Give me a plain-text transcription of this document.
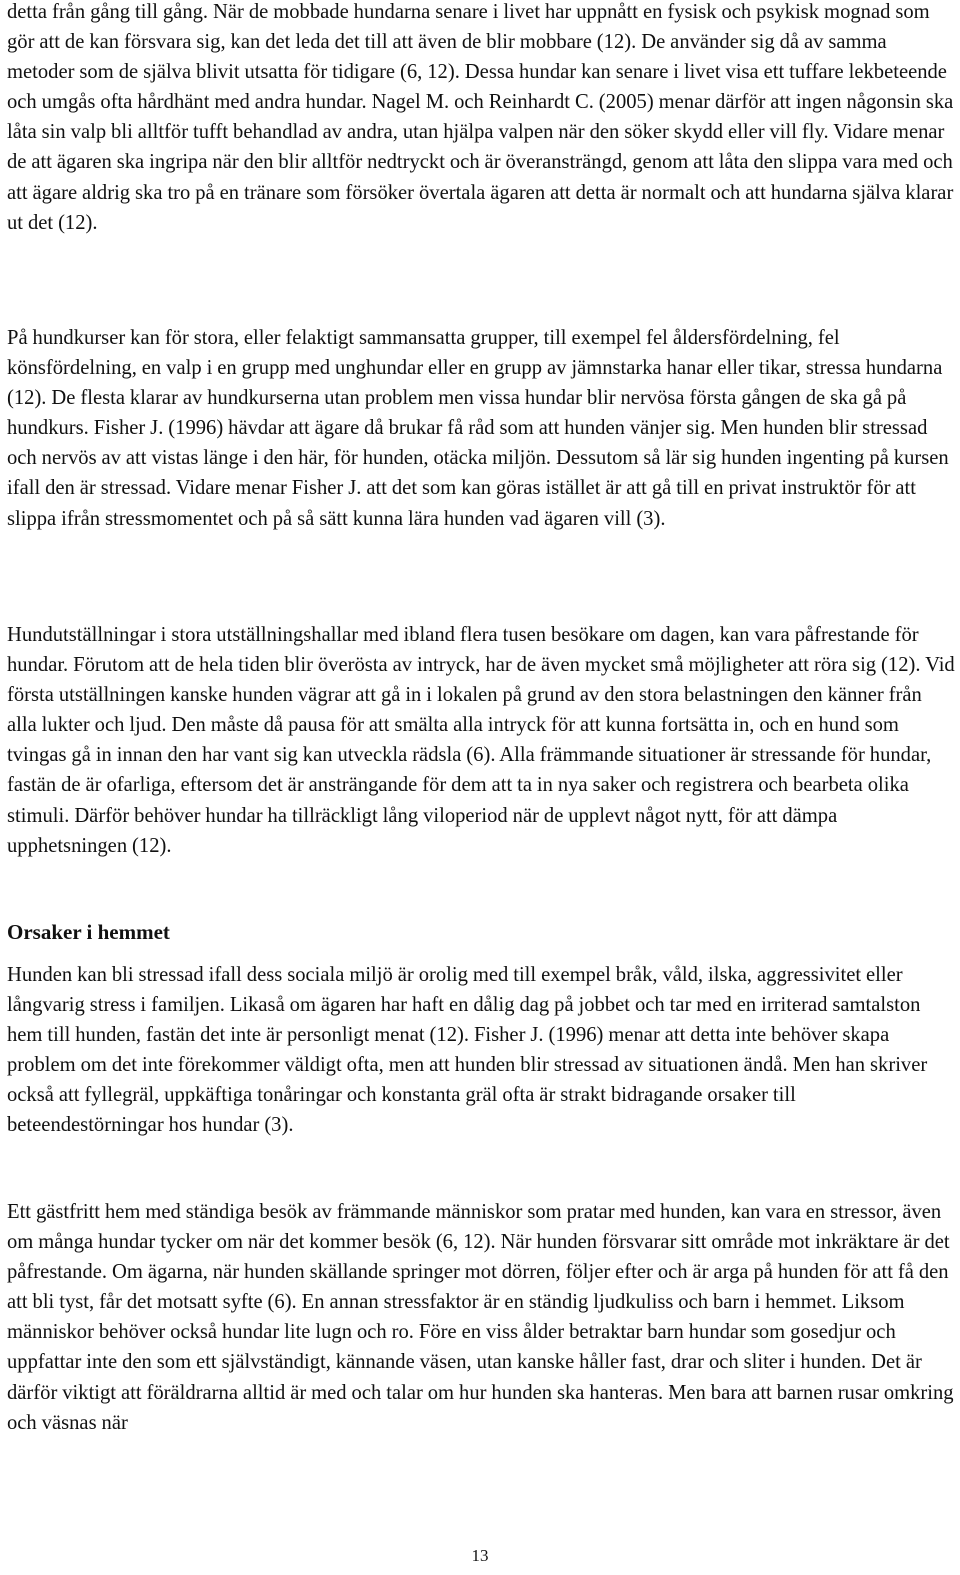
detta från gång till gång. När de mobbade hundarna senare i livet har uppnått en fysisk och psykisk mognad som gör att de kan försvara sig, kan det leda det till att även de blir mobbare (12). De använder sig då av samma metoder som de själva blivit utsatta för tidigare (6, 12). Dessa hundar kan senare i livet visa ett tuffare lekbeteende och umgås ofta hårdhänt med andra hundar. Nagel M. och Reinhardt C. (2005) menar därför att ingen någonsin ska låta sin valp bli alltför tufft behandlad av andra, utan hjälpa valpen när den söker skydd eller vill fly. Vidare menar de att ägaren ska ingripa när den blir alltför nedtryckt och är överansträngd, genom att låta den slippa vara med och att ägare aldrig ska tro på en tränare som försöker övertala ägaren att detta är normalt och att hundarna själva klarar ut det (12).

På hundkurser kan för stora, eller felaktigt sammansatta grupper, till exempel fel åldersfördelning, fel könsfördelning, en valp i en grupp med unghundar eller en grupp av jämnstarka hanar eller tikar, stressa hundarna (12). De flesta klarar av hundkurserna utan problem men vissa hundar blir nervösa första gången de ska gå på hundkurs. Fisher J. (1996) hävdar att ägare då brukar få råd som att hunden vänjer sig. Men hunden blir stressad och nervös av att vistas länge i den här, för hunden, otäcka miljön. Dessutom så lär sig hunden ingenting på kursen ifall den är stressad. Vidare menar Fisher J. att det som kan göras istället är att gå till en privat instruktör för att slippa ifrån stressmomentet och på så sätt kunna lära hunden vad ägaren vill (3).

Hundutställningar i stora utställningshallar med ibland flera tusen besökare om dagen, kan vara påfrestande för hundar. Förutom att de hela tiden blir överösta av intryck, har de även mycket små möjligheter att röra sig (12). Vid första utställningen kanske hunden vägrar att gå in i lokalen på grund av den stora belastningen den känner från alla lukter och ljud. Den måste då pausa för att smälta alla intryck för att kunna fortsätta in, och en hund som tvingas gå in innan den har vant sig kan utveckla rädsla (6). Alla främmande situationer är stressande för hundar, fastän de är ofarliga, eftersom det är ansträngande för dem att ta in nya saker och registrera och bearbeta olika stimuli. Därför behöver hundar ha tillräckligt lång viloperiod när de upplevt något nytt, för att dämpa upphetsningen (12).

Orsaker i hemmet

Hunden kan bli stressad ifall dess sociala miljö är orolig med till exempel bråk, våld, ilska, aggressivitet eller långvarig stress i familjen. Likaså om ägaren har haft en dålig dag på jobbet och tar med en irriterad samtalston hem till hunden, fastän det inte är personligt menat (12). Fisher J. (1996) menar att detta inte behöver skapa problem om det inte förekommer väldigt ofta, men att hunden blir stressad av situationen ändå. Men han skriver också att fyllegräl, uppkäftiga tonåringar och konstanta gräl ofta är strakt bidragande orsaker till beteendestörningar hos hundar (3).

Ett gästfritt hem med ständiga besök av främmande människor som pratar med hunden, kan vara en stressor, även om många hundar tycker om när det kommer besök (6, 12). När hunden försvarar sitt område mot inkräktare är det påfrestande. Om ägarna, när hunden skällande springer mot dörren, följer efter och är arga på hunden för att få den att bli tyst, får det motsatt syfte (6). En annan stressfaktor är en ständig ljudkuliss och barn i hemmet. Liksom människor behöver också hundar lite lugn och ro. Före en viss ålder betraktar barn hundar som gosedjur och uppfattar inte den som ett självständigt, kännande väsen, utan kanske håller fast, drar och sliter i hunden. Det är därför viktigt att föräldrarna alltid är med och talar om hur hunden ska hanteras. Men bara att barnen rusar omkring och väsnas när

13
